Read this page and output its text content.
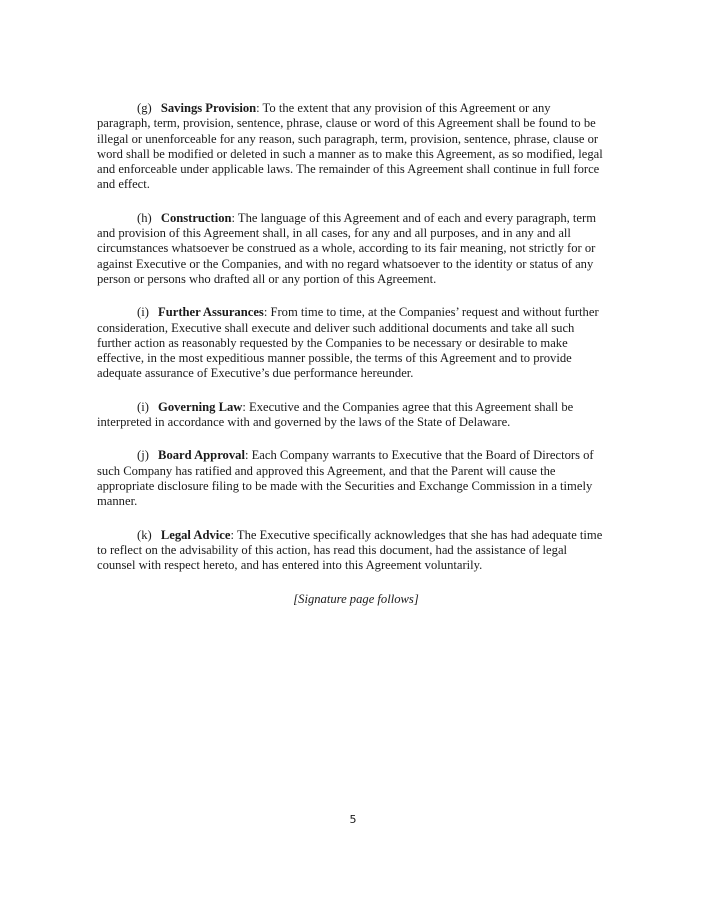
(g) Savings Provision: To the extent that any provision of this Agreement or any paragraph, term, provision, sentence, phrase, clause or word of this Agreement shall be found to be illegal or unenforceable for any reason, such paragraph, term, provision, sentence, phrase, clause or word shall be modified or deleted in such a manner as to make this Agreement, as so modified, legal and enforceable under applicable laws. The remainder of this Agreement shall continue in full force and effect.

(h) Construction: The language of this Agreement and of each and every paragraph, term and provision of this Agreement shall, in all cases, for any and all purposes, and in any and all circumstances whatsoever be construed as a whole, according to its fair meaning, not strictly for or against Executive or the Companies, and with no regard whatsoever to the identity or status of any person or persons who drafted all or any portion of this Agreement.

(i) Further Assurances: From time to time, at the Companies’ request and without further consideration, Executive shall execute and deliver such additional documents and take all such further action as reasonably requested by the Companies to be necessary or desirable to make effective, in the most expeditious manner possible, the terms of this Agreement and to provide adequate assurance of Executive’s due performance hereunder.

(i) Governing Law: Executive and the Companies agree that this Agreement shall be interpreted in accordance with and governed by the laws of the State of Delaware.

(j) Board Approval: Each Company warrants to Executive that the Board of Directors of such Company has ratified and approved this Agreement, and that the Parent will cause the appropriate disclosure filing to be made with the Securities and Exchange Commission in a timely manner.

(k) Legal Advice: The Executive specifically acknowledges that she has had adequate time to reflect on the advisability of this action, has read this document, had the assistance of legal counsel with respect hereto, and has entered into this Agreement voluntarily.

[Signature page follows]
5
